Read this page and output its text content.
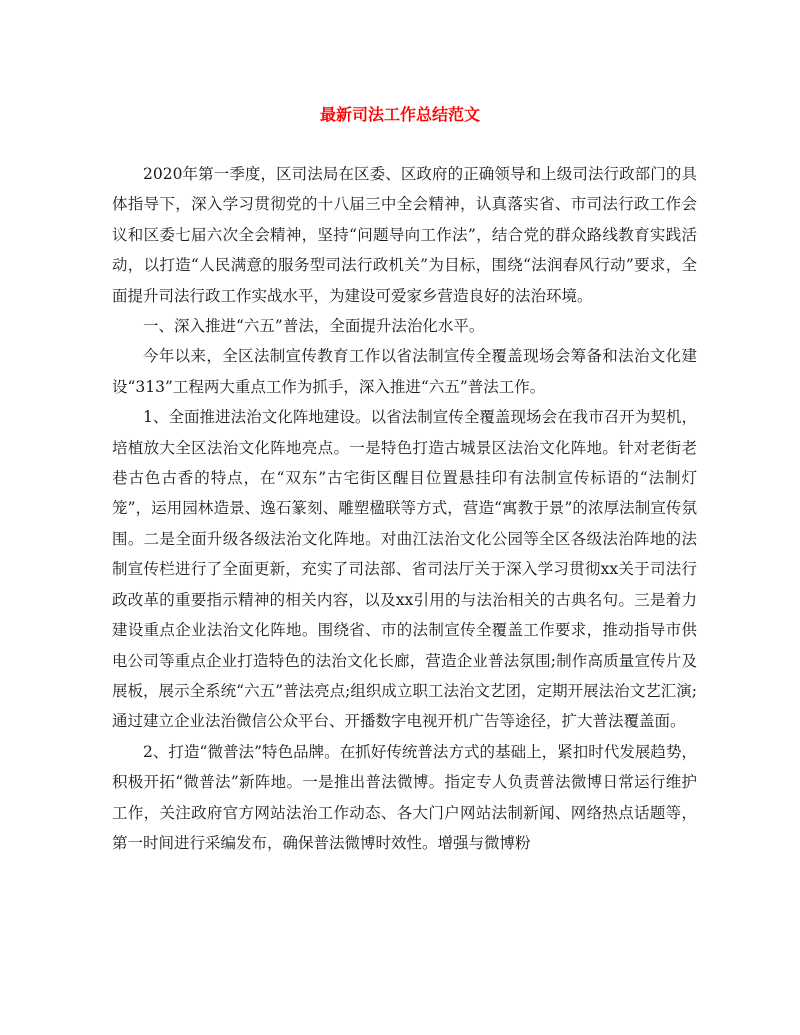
最新司法工作总结范文

2020年第一季度，区司法局在区委、区政府的正确领导和上级司法行政部门的具体指导下，深入学习贯彻党的十八届三中全会精神，认真落实省、市司法行政工作会议和区委七届六次全会精神，坚持“问题导向工作法”，结合党的群众路线教育实践活动，以打造“人民满意的服务型司法行政机关”为目标，围绕“法润春风行动”要求，全面提升司法行政工作实战水平，为建设可爱家乡营造良好的法治环境。

一、深入推进“六五”普法，全面提升法治化水平。

今年以来，全区法制宣传教育工作以省法制宣传全覆盖现场会筹备和法治文化建设“313”工程两大重点工作为抓手，深入推进“六五”普法工作。

1、全面推进法治文化阵地建设。以省法制宣传全覆盖现场会在我市召开为契机，培植放大全区法治文化阵地亮点。一是特色打造古城景区法治文化阵地。针对老街老巷古色古香的特点，在“双东”古宅街区醒目位置悬挂印有法制宣传标语的“法制灯笼”，运用园林造景、逸石篆刻、雕塑楹联等方式，营造“寓教于景”的浓厚法制宣传氛围。二是全面升级各级法治文化阵地。对曲江法治文化公园等全区各级法治阵地的法制宣传栏进行了全面更新，充实了司法部、省司法厅关于深入学习贯彻xx关于司法行政改革的重要指示精神的相关内容，以及xx引用的与法治相关的古典名句。三是着力建设重点企业法治文化阵地。围绕省、市的法制宣传全覆盖工作要求，推动指导市供电公司等重点企业打造特色的法治文化长廊，营造企业普法氛围;制作高质量宣传片及展板，展示全系统“六五”普法亮点;组织成立职工法治文艺团，定期开展法治文艺汇演;通过建立企业法治微信公众平台、开播数字电视开机广告等途径，扩大普法覆盖面。

2、打造“微普法”特色品牌。在抓好传统普法方式的基础上，紧扣时代发展趋势，积极开拓“微普法”新阵地。一是推出普法微博。指定专人负责普法微博日常运行维护工作，关注政府官方网站法治工作动态、各大门户网站法制新闻、网络热点话题等，第一时间进行采编发布，确保普法微博时效性。增强与微博粉
